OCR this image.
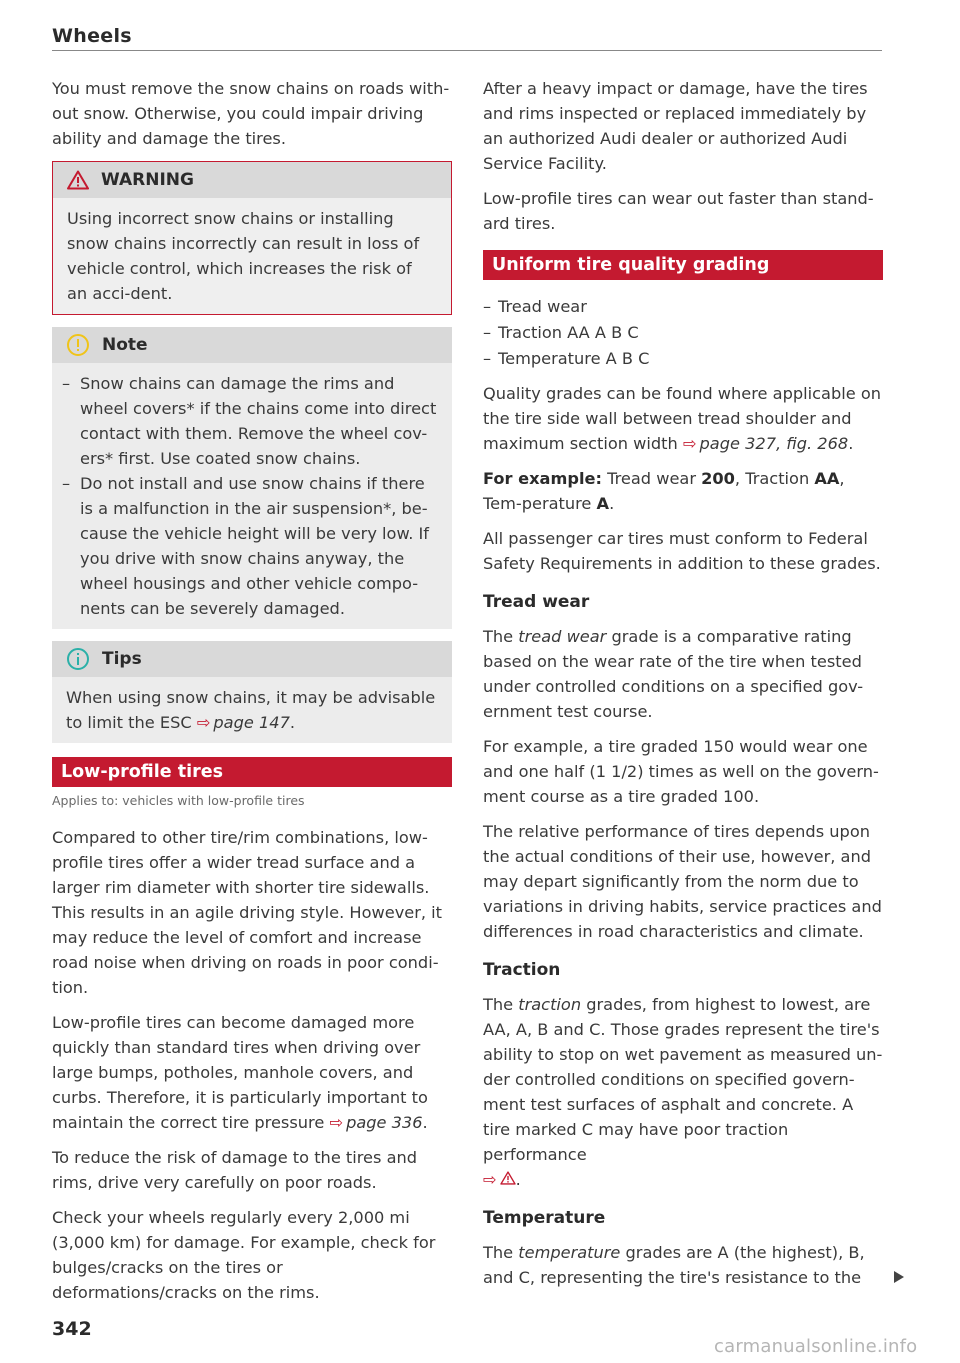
Wheels

You must remove the snow chains on roads with-out snow. Otherwise, you could impair driving ability and damage the tires.

WARNING

Using incorrect snow chains or installing snow chains incorrectly can result in loss of vehicle control, which increases the risk of an acci-dent.

Note
– Snow chains can damage the rims and wheel covers* if the chains come into direct contact with them. Remove the wheel cov-ers* first. Use coated snow chains.
– Do not install and use snow chains if there is a malfunction in the air suspension*, be-cause the vehicle height will be very low. If you drive with snow chains anyway, the wheel housings and other vehicle compo-nents can be severely damaged.
Tips

When using snow chains, it may be advisable to limit the ESC ⇨ page 147.

Low-profile tires
Applies to: vehicles with low-profile tires

Compared to other tire/rim combinations, low-profile tires offer a wider tread surface and a larger rim diameter with shorter tire sidewalls. This results in an agile driving style. However, it may reduce the level of comfort and increase road noise when driving on roads in poor condi-tion.

Low-profile tires can become damaged more quickly than standard tires when driving over large bumps, potholes, manhole covers, and curbs. Therefore, it is particularly important to maintain the correct tire pressure ⇨ page 336.

To reduce the risk of damage to the tires and rims, drive very carefully on poor roads.

Check your wheels regularly every 2,000 mi (3,000 km) for damage. For example, check for bulges/cracks on the tires or deformations/cracks on the rims.

After a heavy impact or damage, have the tires and rims inspected or replaced immediately by an authorized Audi dealer or authorized Audi Service Facility.

Low-profile tires can wear out faster than stand-ard tires.

Uniform tire quality grading
– Tread wear
– Traction AA A B C
– Temperature A B C

Quality grades can be found where applicable on the tire side wall between tread shoulder and maximum section width ⇨ page 327, fig. 268.

For example: Tread wear 200, Traction AA, Tem-perature A.

All passenger car tires must conform to Federal Safety Requirements in addition to these grades.

Tread wear

The tread wear grade is a comparative rating based on the wear rate of the tire when tested under controlled conditions on a specified gov-ernment test course.

For example, a tire graded 150 would wear one and one half (1 1/2) times as well on the govern-ment course as a tire graded 100.

The relative performance of tires depends upon the actual conditions of their use, however, and may depart significantly from the norm due to variations in driving habits, service practices and differences in road characteristics and climate.

Traction

The traction grades, from highest to lowest, are AA, A, B and C. Those grades represent the tire's ability to stop on wet pavement as measured un-der controlled conditions on specified govern-ment test surfaces of asphalt and concrete. A tire marked C may have poor traction performance
⇨ .

Temperature

The temperature grades are A (the highest), B, and C, representing the tire's resistance to the

342
carmanualsonline.info
